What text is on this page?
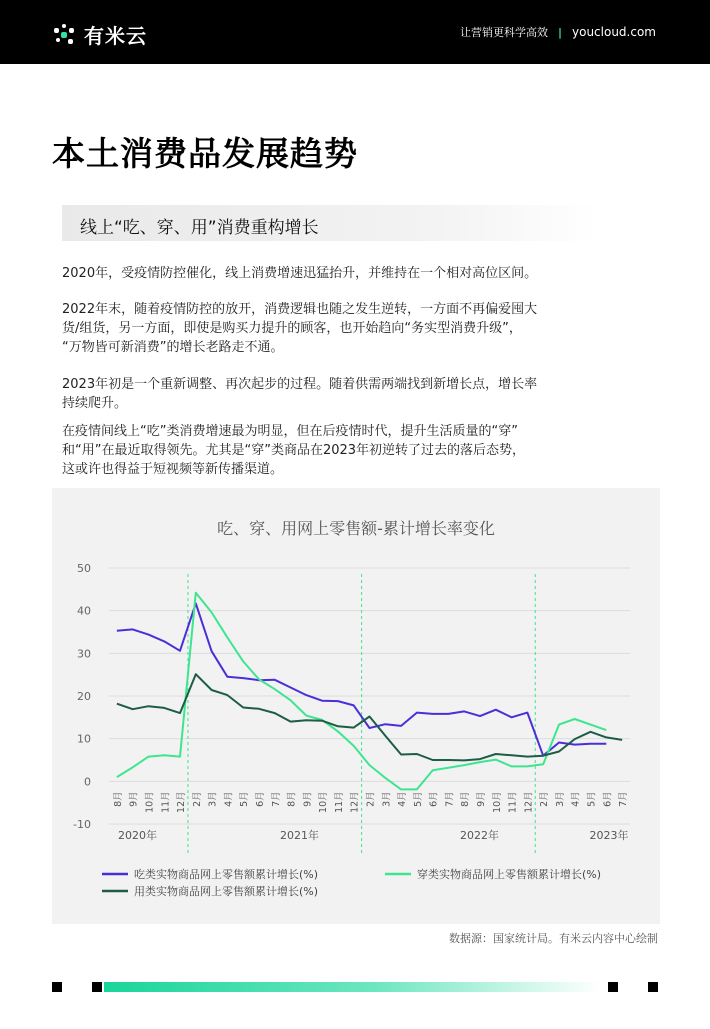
有米云	让营销更科学高效 | youcloud.com
本土消费品发展趋势
线上“吃、穿、用”消费重构增长
2020年，受疫情防控催化，线上消费增速迅猛抬升，并维持在一个相对高位区间。
2022年末，随着疫情防控的放开，消费逻辑也随之发生逆转，一方面不再偏爱囤大
货/组货，另一方面，即使是购买力提升的顾客，也开始趋向“务实型消费升级”，
“万物皆可新消费”的增长老路走不通。
2023年初是一个重新调整、再次起步的过程。随着供需两端找到新增长点，增长率
持续爬升。
在疫情间线上“吃”类消费增速最为明显，但在后疫情时代，提升生活质量的“穿”
和“用”在最近取得领先。尤其是“穿”类商品在2023年初逆转了过去的落后态势，
这或许也得益于短视频等新传播渠道。
吃、穿、用网上零售额-累计增长率变化
-10
0
10
20
30
40
50
8月 9月 10月 11月 12月 2月 3月 4月 5月 6月 7月 8月 9月 10月 11月 12月 2月 3月 4月 5月 6月 7月 8月 9月 10月 11月 12月 2月 3月 4月 5月 6月 7月
2020年	2021年	2022年	2023年
吃类实物商品网上零售额累计增长(%)	穿类实物商品网上零售额累计增长(%)
用类实物商品网上零售额累计增长(%)
数据源：国家统计局。有米云内容中心绘制
